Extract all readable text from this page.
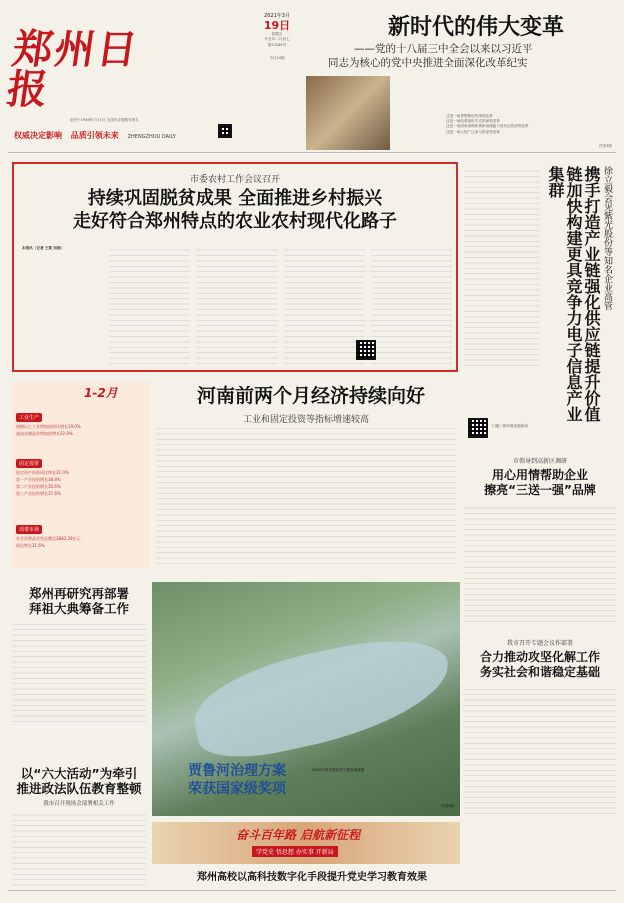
郑州日报
创刊于1949年7月1日 毛泽东亲笔题写报名
2021年3月
19日
星期五
辛丑年二月初七
第23184号
今日24版
权威决定影响 品质引领未来 ZHENGZHOU DAILY
新时代的伟大变革
——党的十八届三中全会以来以习近平
同志为核心的党中央推进全面深化改革纪实
这是一场思想理论的深刻变革
这是一场改革组织方式的深刻变革
这是一场国家治理体系和治理能力现代化的深刻变革
这是一场人民广泛参与的深刻变革
详见3版
市委农村工作会议召开
持续巩固脱贫成果 全面推进乡村振兴
走好符合郑州特点的农业农村现代化路子
本报讯（记者 王策 刘雨）	徐立毅会见紫光股份等知名企业高管
携手打造产业链强化供应链提升价值链加快构建更具竞争力电子信息产业集群
扫描二维码看视频新闻
1-2月
工业生产
规模以上工业增加值同比增长19.0%
高技术制造业增加值增长32.9%
固定投资
固定资产投资同比增长31.0%
第一产业投资增长38.8%
第二产业投资增长30.6%
第三产业投资增长37.6%
消费市场
社会消费品零售总额达3883.29亿元
同比增长31.6%
河南前两个月经济持续向好
工业和固定投资等指标增速较高
郑州再研究再部署
拜祖大典筹备工作
以“六大活动”为牵引
推进政法队伍教育整顿
我市召开现场会部署相关工作
贾鲁河治理方案
荣获国家级奖项
2020年度全国优秀工程咨询成果
详见2版
市领导到高新区调研
用心用情帮助企业
擦亮“三送一强”品牌
我市召开专题会议作部署
合力推动攻坚化解工作
务实社会和谐稳定基础
奋斗百年路 启航新征程
学党史 悟思想 办实事 开新局
郑州高校以高科技数字化手段提升党史学习教育效果
